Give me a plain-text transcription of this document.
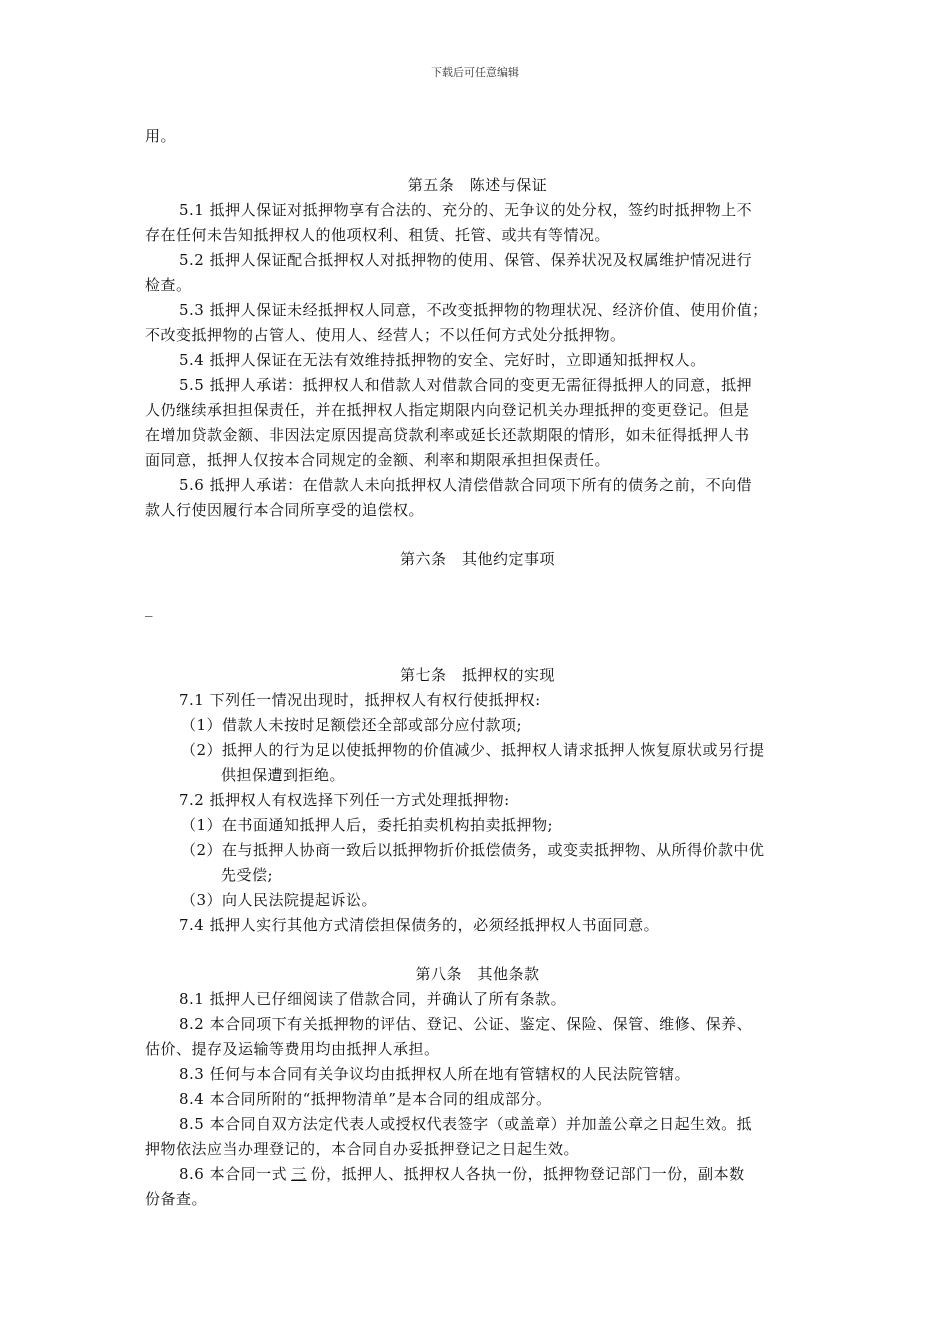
下载后可任意编辑
用。
第五条　陈述与保证
5.1 抵押人保证对抵押物享有合法的、充分的、无争议的处分权，签约时抵押物上不
存在任何未告知抵押权人的他项权利、租赁、托管、或共有等情况。
5.2 抵押人保证配合抵押权人对抵押物的使用、保管、保养状况及权属维护情况进行
检查。
5.3 抵押人保证未经抵押权人同意，不改变抵押物的物理状况、经济价值、使用价值；
不改变抵押物的占管人、使用人、经营人；不以任何方式处分抵押物。
5.4 抵押人保证在无法有效维持抵押物的安全、完好时，立即通知抵押权人。
5.5 抵押人承诺：抵押权人和借款人对借款合同的变更无需征得抵押人的同意，抵押
人仍继续承担担保责任，并在抵押权人指定期限内向登记机关办理抵押的变更登记。但是
在增加贷款金额、非因法定原因提高贷款利率或延长还款期限的情形，如未征得抵押人书
面同意，抵押人仅按本合同规定的金额、利率和期限承担担保责任。
5.6 抵押人承诺：在借款人未向抵押权人清偿借款合同项下所有的债务之前，不向借
款人行使因履行本合同所享受的追偿权。
第六条　其他约定事项
_
第七条　抵押权的实现
7.1 下列任一情况出现时，抵押权人有权行使抵押权:
（1）借款人未按时足额偿还全部或部分应付款项;
（2）抵押人的行为足以使抵押物的价值减少、抵押权人请求抵押人恢复原状或另行提
供担保遭到拒绝。
7.2 抵押权人有权选择下列任一方式处理抵押物:
（1）在书面通知抵押人后，委托拍卖机构拍卖抵押物;
（2）在与抵押人协商一致后以抵押物折价抵偿债务，或变卖抵押物、从所得价款中优
先受偿;
（3）向人民法院提起诉讼。
7.4 抵押人实行其他方式清偿担保债务的，必须经抵押权人书面同意。
第八条　其他条款
8.1 抵押人已仔细阅读了借款合同，并确认了所有条款。
8.2 本合同项下有关抵押物的评估、登记、公证、鉴定、保险、保管、维修、保养、
估价、提存及运输等费用均由抵押人承担。
8.3 任何与本合同有关争议均由抵押权人所在地有管辖权的人民法院管辖。
8.4 本合同所附的“抵押物清单”是本合同的组成部分。
8.5 本合同自双方法定代表人或授权代表签字（或盖章）并加盖公章之日起生效。抵
押物依法应当办理登记的，本合同自办妥抵押登记之日起生效。
8.6 本合同一式 三 份，抵押人、抵押权人各执一份，抵押物登记部门一份，副本数
份备查。
